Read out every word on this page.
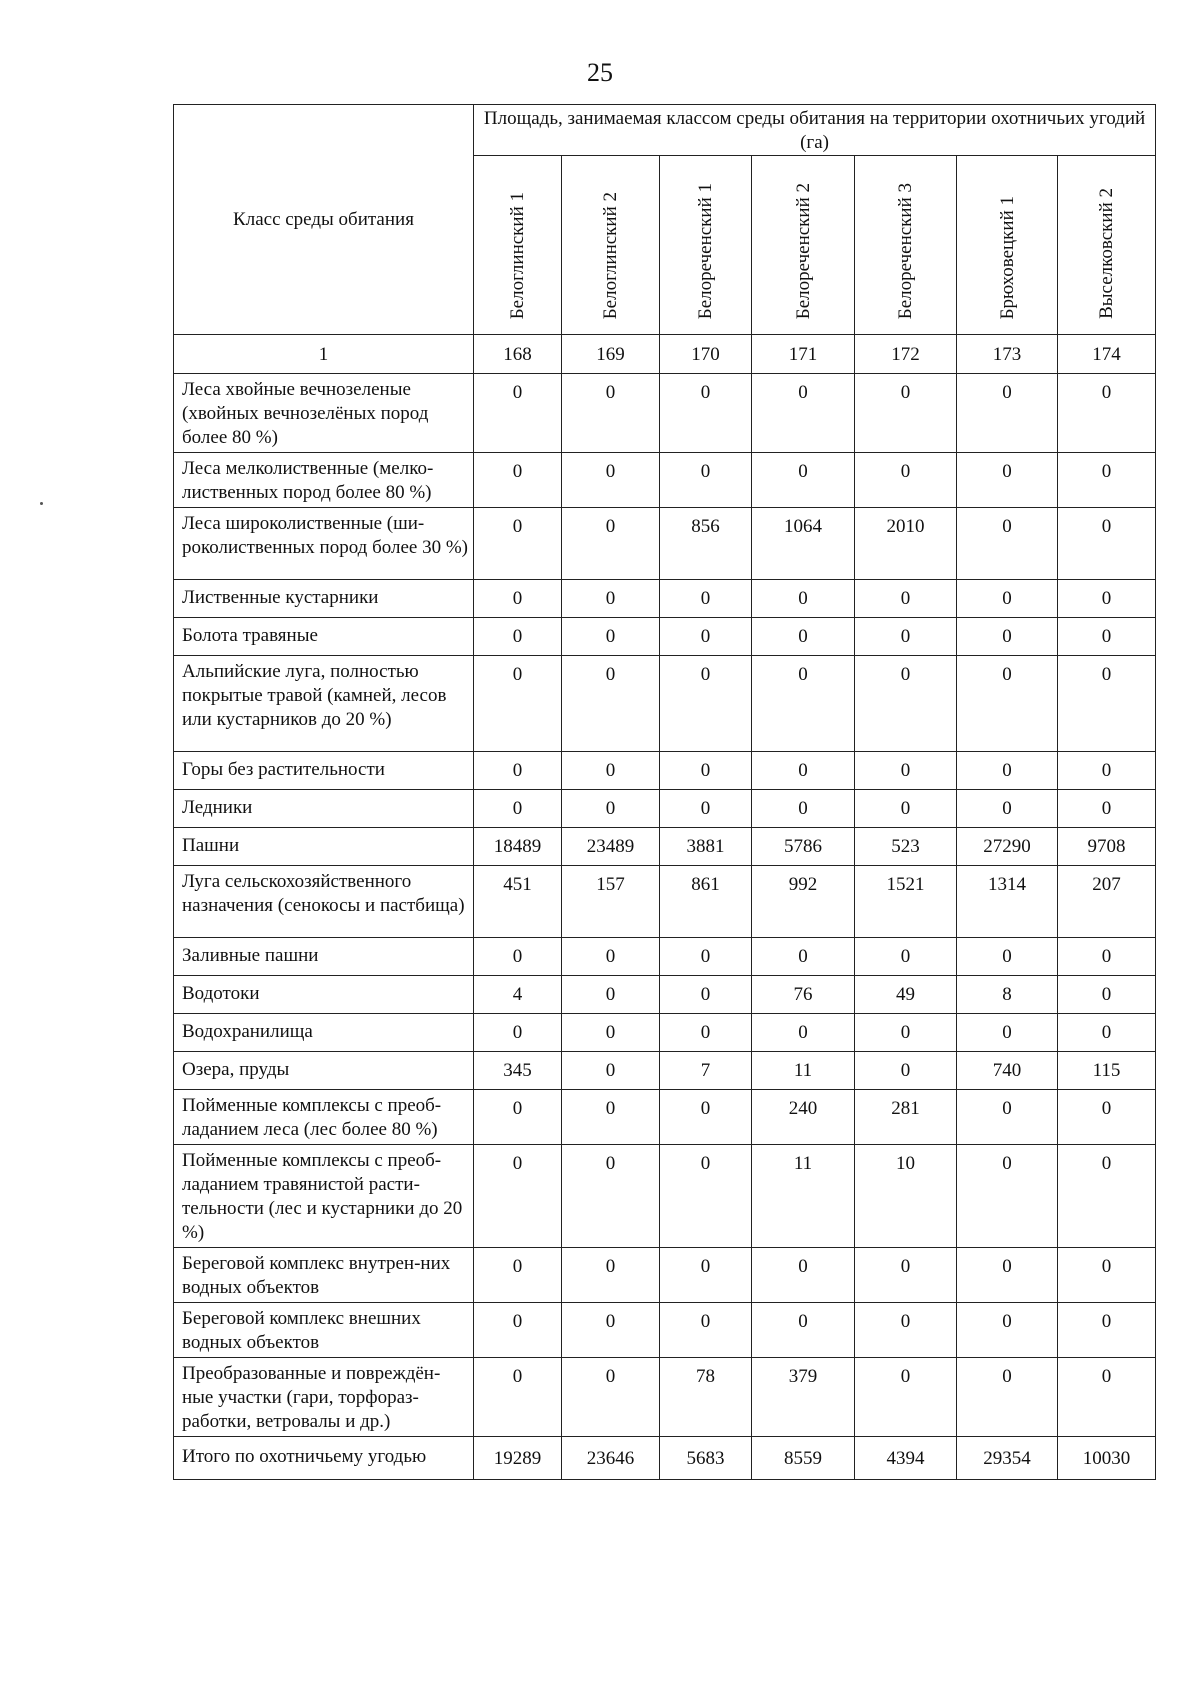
25
Класс среды обитания	Площадь, занимаемая классом среды обитания на территории охотничьих угодий (га)						
	Белоглинский 1	Белоглинский 2	Белореченский 1	Белореченский 2	Белореченский 3	Брюховецкий 1	Выселковский 2
1	168	169	170	171	172	173	174
Леса хвойные вечнозеленые (хвойных вечнозелёных пород более 80 %)	0	0	0	0	0	0	0
Леса мелколиственные (мелко-лиственных пород более 80 %)	0	0	0	0	0	0	0
Леса широколиственные (ши-роколиственных пород более 30 %)	0	0	856	1064	2010	0	0
Лиственные кустарники	0	0	0	0	0	0	0
Болота травяные	0	0	0	0	0	0	0
Альпийские луга, полностью покрытые травой (камней, лесов или кустарников до 20 %)	0	0	0	0	0	0	0
Горы без растительности	0	0	0	0	0	0	0
Ледники	0	0	0	0	0	0	0
Пашни	18489	23489	3881	5786	523	27290	9708
Луга сельскохозяйственного назначения (сенокосы и пастбища)	451	157	861	992	1521	1314	207
Заливные пашни	0	0	0	0	0	0	0
Водотоки	4	0	0	76	49	8	0
Водохранилища	0	0	0	0	0	0	0
Озера, пруды	345	0	7	11	0	740	115
Пойменные комплексы с преоб-ладанием леса (лес более 80 %)	0	0	0	240	281	0	0
Пойменные комплексы с преоб-ладанием травянистой расти-тельности (лес и кустарники до 20 %)	0	0	0	11	10	0	0
Береговой комплекс внутрен-них водных объектов	0	0	0	0	0	0	0
Береговой комплекс внешних водных объектов	0	0	0	0	0	0	0
Преобразованные и повреждён-ные участки (гари, торфораз-работки, ветровалы и др.)	0	0	78	379	0	0	0
Итого по охотничьему угодью	19289	23646	5683	8559	4394	29354	10030
